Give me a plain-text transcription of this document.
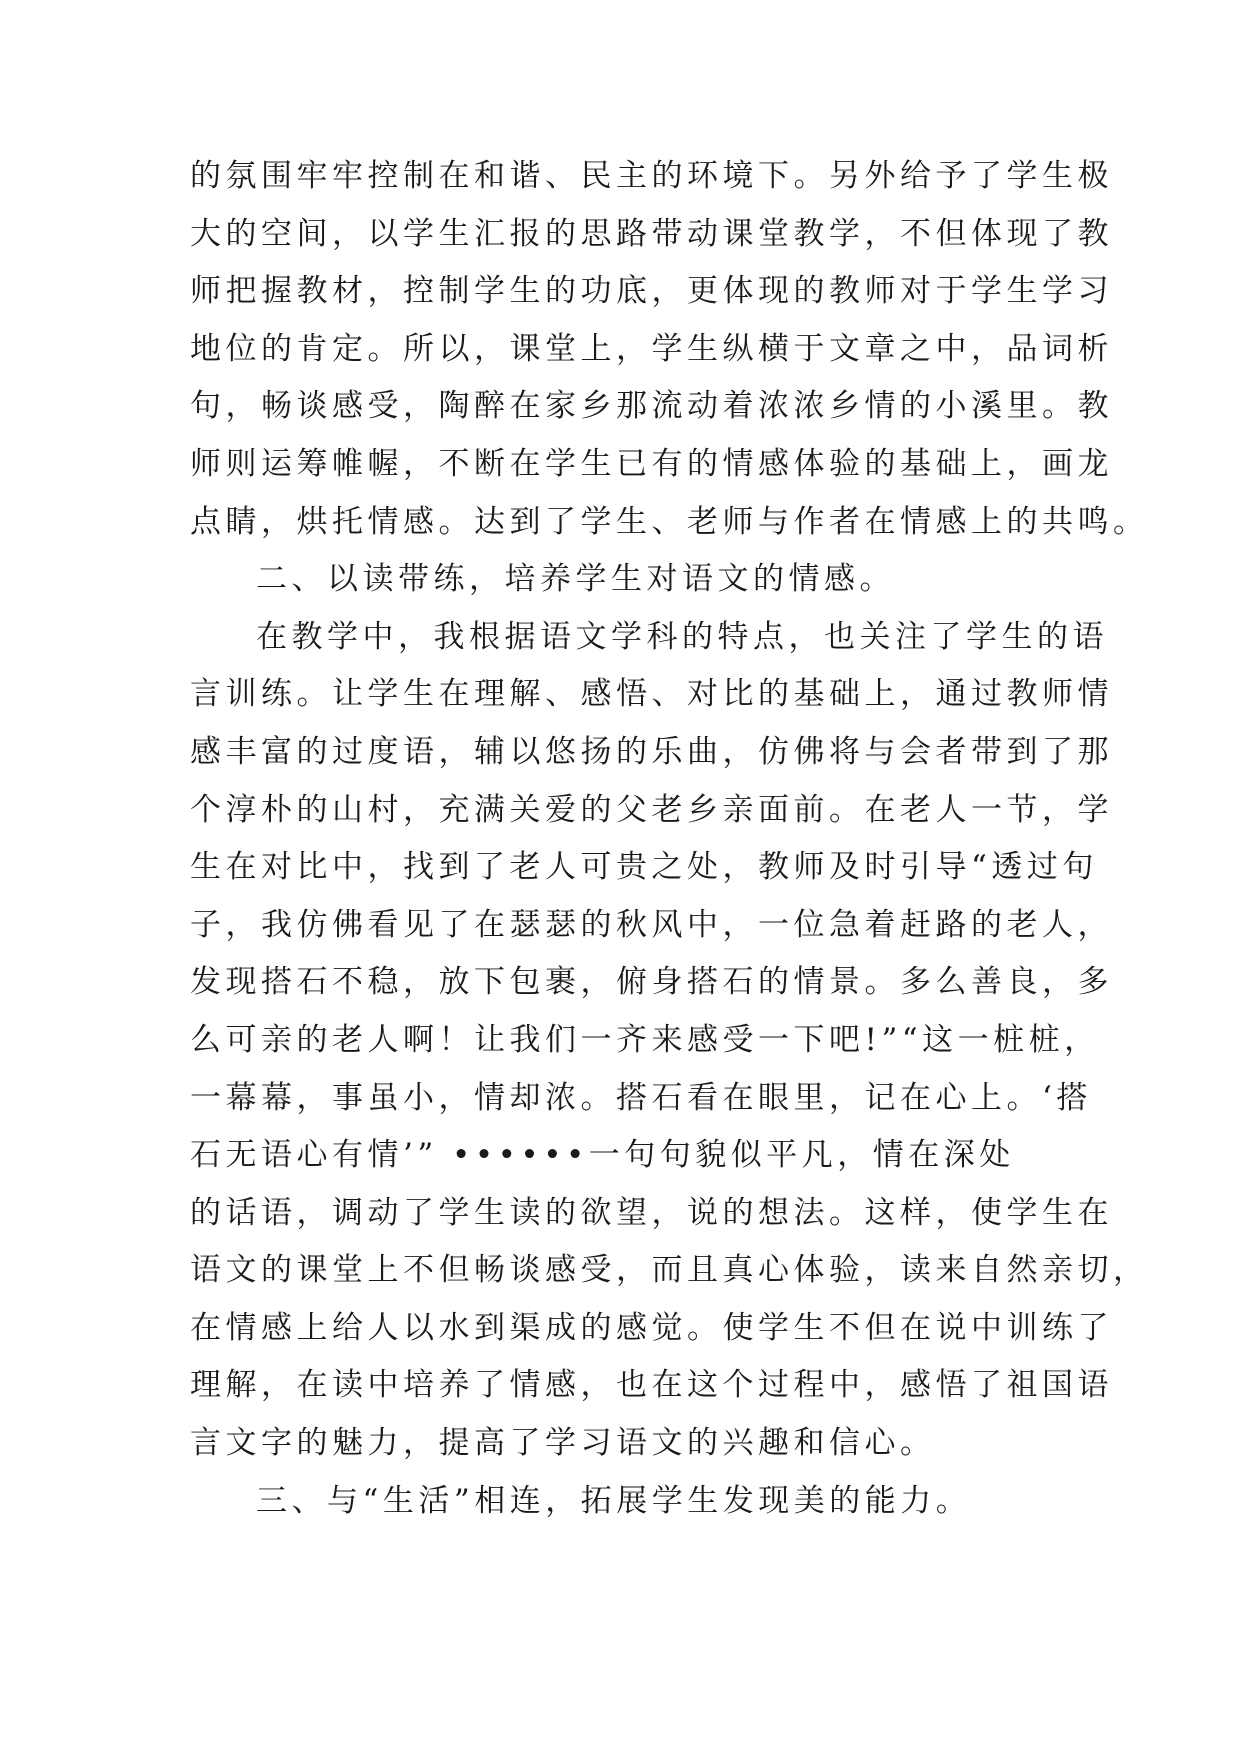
的氛围牢牢控制在和谐、民主的环境下。另外给予了学生极
大的空间，以学生汇报的思路带动课堂教学，不但体现了教
师把握教材，控制学生的功底，更体现的教师对于学生学习
地位的肯定。所以，课堂上，学生纵横于文章之中，品词析
句，畅谈感受，陶醉在家乡那流动着浓浓乡情的小溪里。教
师则运筹帷幄，不断在学生已有的情感体验的基础上，画龙
点睛，烘托情感。达到了学生、老师与作者在情感上的共鸣。
二、以读带练，培养学生对语文的情感。
在教学中，我根据语文学科的特点，也关注了学生的语
言训练。让学生在理解、感悟、对比的基础上，通过教师情
感丰富的过度语，辅以悠扬的乐曲，仿佛将与会者带到了那
个淳朴的山村，充满关爱的父老乡亲面前。在老人一节，学
生在对比中，找到了老人可贵之处，教师及时引导“透过句
子，我仿佛看见了在瑟瑟的秋风中，一位急着赶路的老人，
发现搭石不稳，放下包裹，俯身搭石的情景。多么善良，多
么可亲的老人啊！让我们一齐来感受一下吧!”“这一桩桩，
一幕幕，事虽小，情却浓。搭石看在眼里，记在心上。‘搭
石无语心有情’” ••••••一句句貌似平凡，情在深处
的话语，调动了学生读的欲望，说的想法。这样，使学生在
语文的课堂上不但畅谈感受，而且真心体验，读来自然亲切，
在情感上给人以水到渠成的感觉。使学生不但在说中训练了
理解，在读中培养了情感，也在这个过程中，感悟了祖国语
言文字的魅力，提高了学习语文的兴趣和信心。
三、与“生活”相连，拓展学生发现美的能力。
